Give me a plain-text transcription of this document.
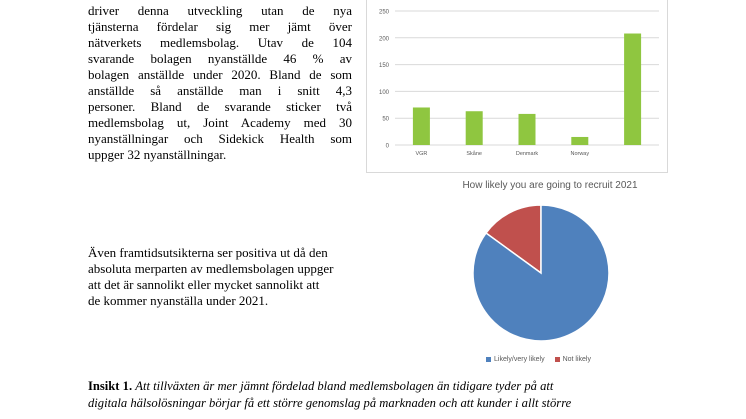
driver denna utveckling utan de nya
tjänsterna fördelar sig mer jämt över
nätverkets medlemsbolag. Utav de 104
svarande bolagen nyanställde 46 % av
bolagen anställde under 2020. Bland de som
anställde så anställde man i snitt 4,3
personer. Bland de svarande sticker två
medlemsbolag ut, Joint Academy med 30
nyanställningar och Sidekick Health som
uppger 32 nyanställningar.

0
50
100
150
200
250
VGR	Skåne	Denmark	Norway

Även framtidsutsikterna ser positiva ut då den
absoluta merparten av medlemsbolagen uppger
att det är sannolikt eller mycket sannolikt att
de kommer nyanställa under 2021.

How likely you are going to recruit 2021
Likely/very likely	Not likely
Insikt 1. Att tillväxten är mer jämnt fördelad bland medlemsbolagen än tidigare tyder på att
digitala hälsolösningar börjar få ett större genomslag på marknaden och att kunder i allt större
